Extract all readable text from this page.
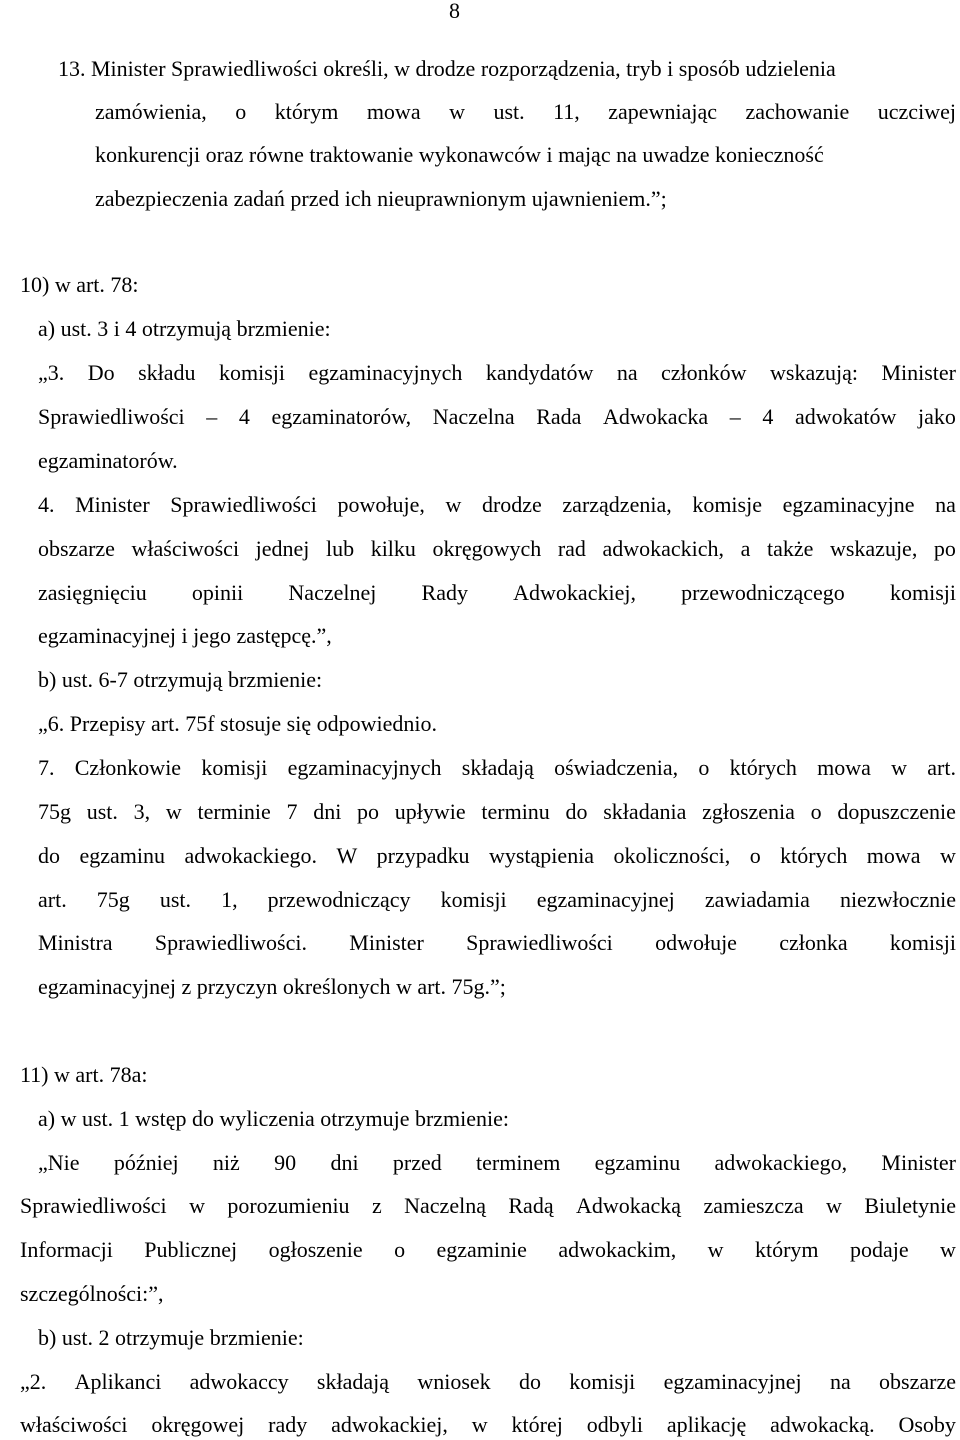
8
13. Minister Sprawiedliwości określi, w drodze rozporządzenia, tryb i sposób udzielenia
zamówienia, o którym mowa w ust. 11, zapewniając zachowanie uczciwej
konkurencji oraz równe traktowanie wykonawców i mając na uwadze konieczność
zabezpieczenia zadań przed ich nieuprawnionym ujawnieniem.”;
10) w art. 78:
a) ust. 3 i 4 otrzymują brzmienie:
„3. Do składu komisji egzaminacyjnych kandydatów na członków wskazują: Minister
Sprawiedliwości – 4 egzaminatorów, Naczelna Rada Adwokacka – 4 adwokatów jako
egzaminatorów.
4. Minister Sprawiedliwości powołuje, w drodze zarządzenia, komisje egzaminacyjne na
obszarze właściwości jednej lub kilku okręgowych rad adwokackich, a także wskazuje, po
zasięgnięciu opinii Naczelnej Rady Adwokackiej, przewodniczącego komisji
egzaminacyjnej i jego zastępcę.”,
b) ust. 6-7 otrzymują brzmienie:
„6. Przepisy art. 75f stosuje się odpowiednio.
7. Członkowie komisji egzaminacyjnych składają oświadczenia, o których mowa w art.
75g ust. 3, w terminie 7 dni po upływie terminu do składania zgłoszenia o dopuszczenie
do egzaminu adwokackiego. W przypadku wystąpienia okoliczności, o których mowa w
art. 75g ust. 1, przewodniczący komisji egzaminacyjnej zawiadamia niezwłocznie
Ministra Sprawiedliwości. Minister Sprawiedliwości odwołuje członka komisji
egzaminacyjnej z przyczyn określonych w art. 75g.”;
11) w art. 78a:
a) w ust. 1 wstęp do wyliczenia otrzymuje brzmienie:
„Nie później niż 90 dni przed terminem egzaminu adwokackiego, Minister
Sprawiedliwości w porozumieniu z Naczelną Radą Adwokacką zamieszcza w Biuletynie
Informacji Publicznej ogłoszenie o egzaminie adwokackim, w którym podaje w
szczególności:”,
b) ust. 2 otrzymuje brzmienie:
„2. Aplikanci adwokaccy składają wniosek do komisji egzaminacyjnej na obszarze
właściwości okręgowej rady adwokackiej, w której odbyli aplikację adwokacką. Osoby
